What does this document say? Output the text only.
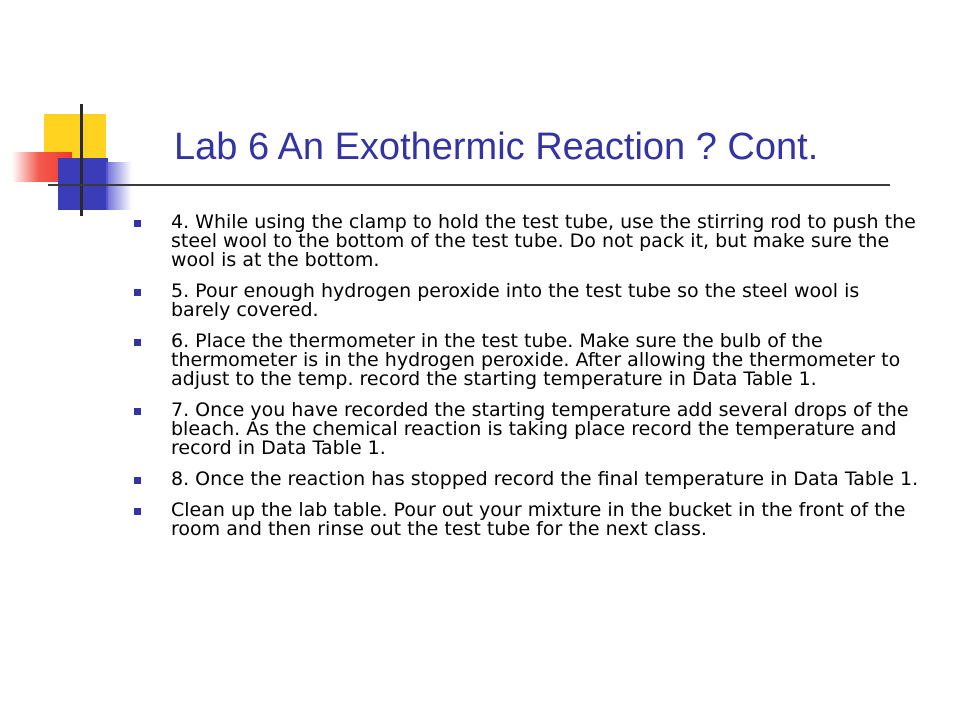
Lab 6 An Exothermic Reaction ? Cont.
4. While using the clamp to hold the test tube, use the stirring rod to push the steel wool to the bottom of the test tube. Do not pack it, but make sure the wool is at the bottom.
5. Pour enough hydrogen peroxide into the test tube so the steel wool is barely covered.
6. Place the thermometer in the test tube. Make sure the bulb of the thermometer is in the hydrogen peroxide. After allowing the thermometer to adjust to the temp. record the starting temperature in Data Table 1.
7. Once you have recorded the starting temperature add several drops of the bleach. As the chemical reaction is taking place record the temperature and record in Data Table 1.
8. Once the reaction has stopped record the final temperature in Data Table 1.
Clean up the lab table. Pour out your mixture in the bucket in the front of the room and then rinse out the test tube for the next class.
